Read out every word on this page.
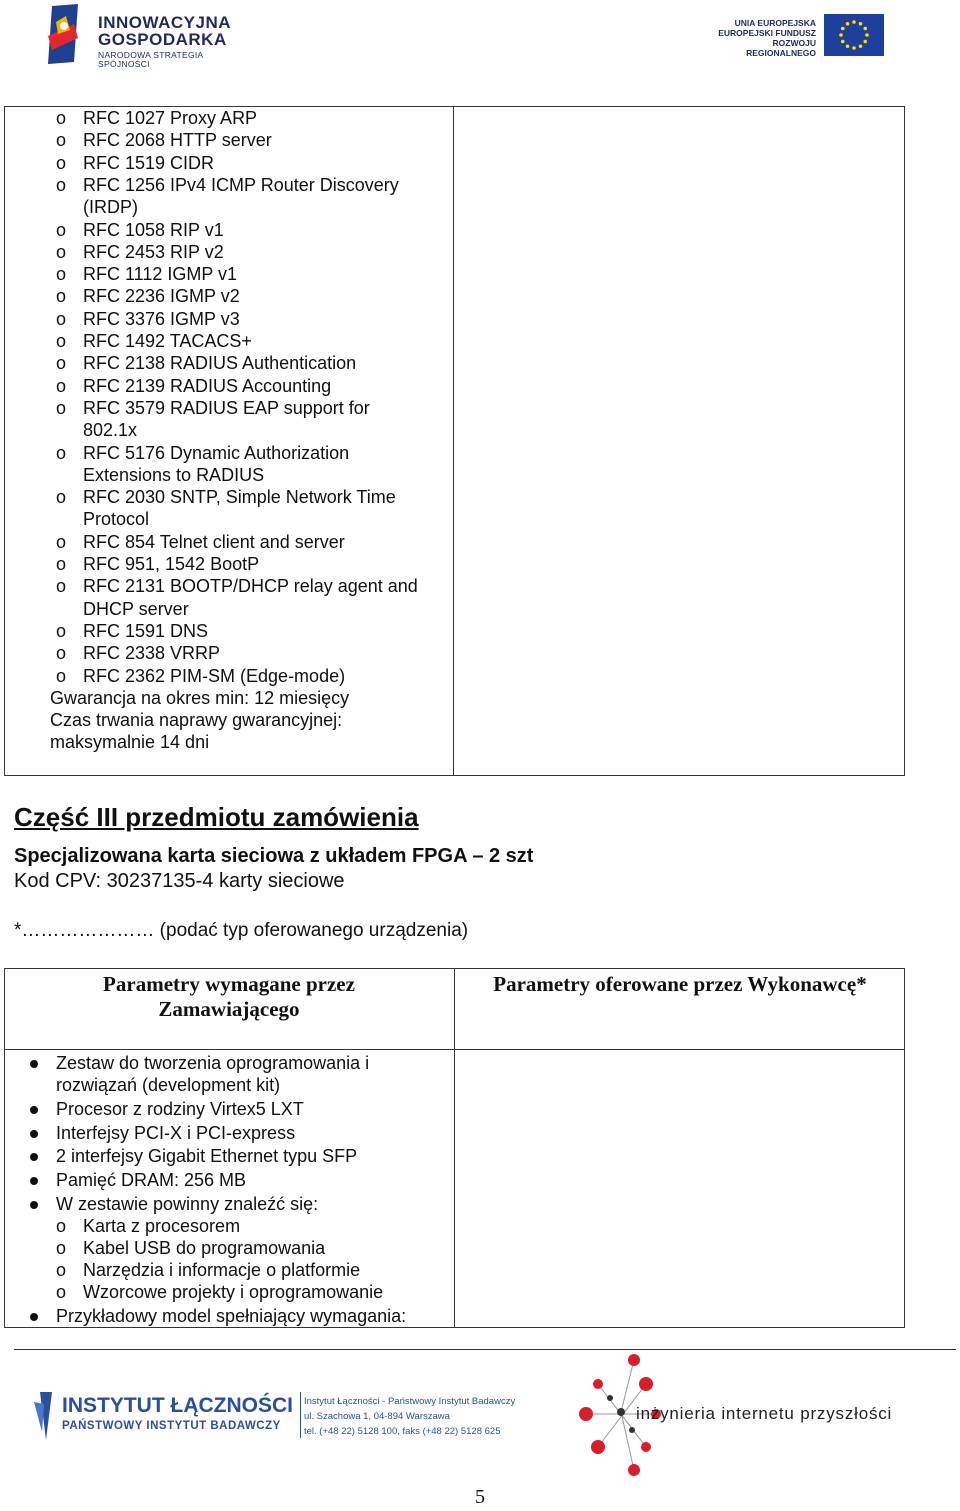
INNOWACYJNA
GOSPODARKA
NARODOWA STRATEGIA SPÓJNOŚCI
UNIA EUROPEJSKA
EUROPEJSKI FUNDUSZ
ROZWOJU REGIONALNEGO
o RFC 1027 Proxy ARP
o RFC 2068 HTTP server
o RFC 1519 CIDR
o RFC 1256 IPv4 ICMP Router Discovery
(IRDP)
o RFC 1058 RIP v1
o RFC 2453 RIP v2
o RFC 1112 IGMP v1
o RFC 2236 IGMP v2
o RFC 3376 IGMP v3
o RFC 1492 TACACS+
o RFC 2138 RADIUS Authentication
o RFC 2139 RADIUS Accounting
o RFC 3579 RADIUS EAP support for
802.1x
o RFC 5176 Dynamic Authorization
Extensions to RADIUS
o RFC 2030 SNTP, Simple Network Time
Protocol
o RFC 854 Telnet client and server
o RFC 951, 1542 BootP
o RFC 2131 BOOTP/DHCP relay agent and
DHCP server
o RFC 1591 DNS
o RFC 2338 VRRP
o RFC 2362 PIM-SM (Edge-mode)
Gwarancja na okres min: 12 miesięcy
Czas trwania naprawy gwarancyjnej:
maksymalnie 14 dni
Część III przedmiotu zamówienia
Specjalizowana karta sieciowa z układem FPGA – 2 szt
Kod CPV: 30237135-4 karty sieciowe
*………………… (podać typ oferowanego urządzenia)
Parametry wymagane przez
Zamawiającego
Parametry oferowane przez Wykonawcę*
Zestaw do tworzenia oprogramowania i
rozwiązań (development kit)
Procesor z rodziny Virtex5 LXT
Interfejsy PCI-X i PCI-express
2 interfejsy Gigabit Ethernet typu SFP
Pamięć DRAM: 256 MB
W zestawie powinny znaleźć się:
o Karta z procesorem
o Kabel USB do programowania
o Narzędzia i informacje o platformie
o Wzorcowe projekty i oprogramowanie
Przykładowy model spełniający wymagania:
INSTYTUT ŁĄCZNOŚCI
PAŃSTWOWY INSTYTUT BADAWCZY
Instytut Łączności - Państwowy Instytut Badawczy
ul. Szachowa 1, 04-894 Warszawa
tel. (+48 22) 5128 100, faks (+48 22) 5128 625
inżynieria internetu przyszłości
5
